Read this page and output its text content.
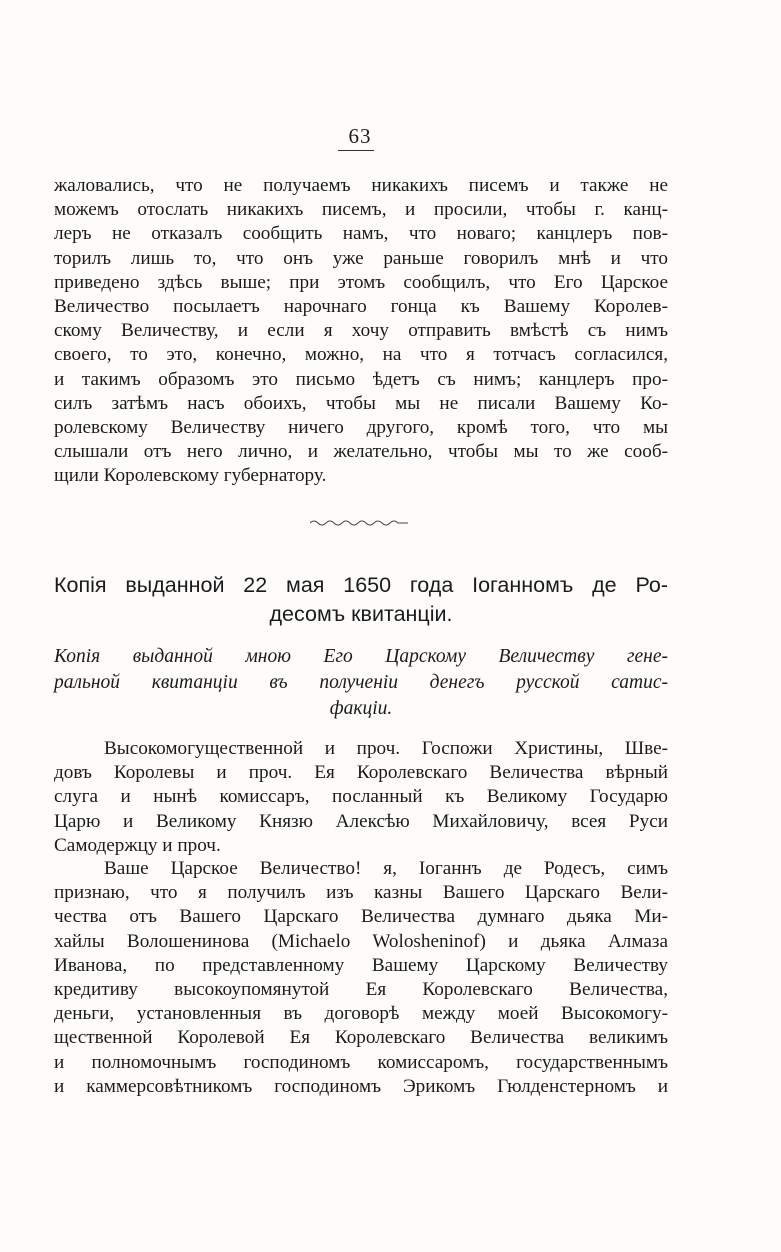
63
жаловались, что не получаемъ никакихъ писемъ и также не
можемъ отослать никакихъ писемъ, и просили, чтобы г. канц-
леръ не отказалъ сообщить намъ, что новаго; канцлеръ пов-
торилъ лишь то, что онъ уже раньше говорилъ мнѣ и что
приведено здѣсь выше; при этомъ сообщилъ, что Его Царское
Величество посылаетъ нарочнаго гонца къ Вашему Королев-
скому Величеству, и если я хочу отправить вмѣстѣ съ нимъ
своего, то это, конечно, можно, на что я тотчасъ согласился,
и такимъ образомъ это письмо ѣдетъ съ нимъ; канцлеръ про-
силъ затѣмъ насъ обоихъ, чтобы мы не писали Вашему Ко-
ролевскому Величеству ничего другого, кромѣ того, что мы
слышали отъ него лично, и желательно, чтобы мы то же сооб-
щили Королевскому губернатору.
Копія выданной 22 мая 1650 года Іоганномъ де Ро-
десомъ квитанціи.
Копія выданной мною Его Царскому Величеству гене-
ральной квитанціи въ полученіи денегъ русской сатис-
факціи.
Высокомогущественной и проч. Госпожи Христины, Шве-
довъ Королевы и проч. Ея Королевскаго Величества вѣрный
слуга и нынѣ комиссаръ, посланный къ Великому Государю
Царю и Великому Князю Алексѣю Михайловичу, всея Руси
Самодержцу и проч.
Ваше Царское Величество! я, Іоганнъ де Родесъ, симъ
признаю, что я получилъ изъ казны Вашего Царскаго Вели-
чества отъ Вашего Царскаго Величества думнаго дьяка Ми-
хайлы Волошенинова (Michaelo Wolosheninof) и дьяка Алмаза
Иванова, по представленному Вашему Царскому Величеству
кредитиву высокоупомянутой Ея Королевскаго Величества,
деньги, установленныя въ договорѣ между моей Высокомогу-
щественной Королевой Ея Королевскаго Величества великимъ
и полномочнымъ господиномъ комиссаромъ, государственнымъ
и каммерсовѣтникомъ господиномъ Эрикомъ Гюлденстерномъ и
